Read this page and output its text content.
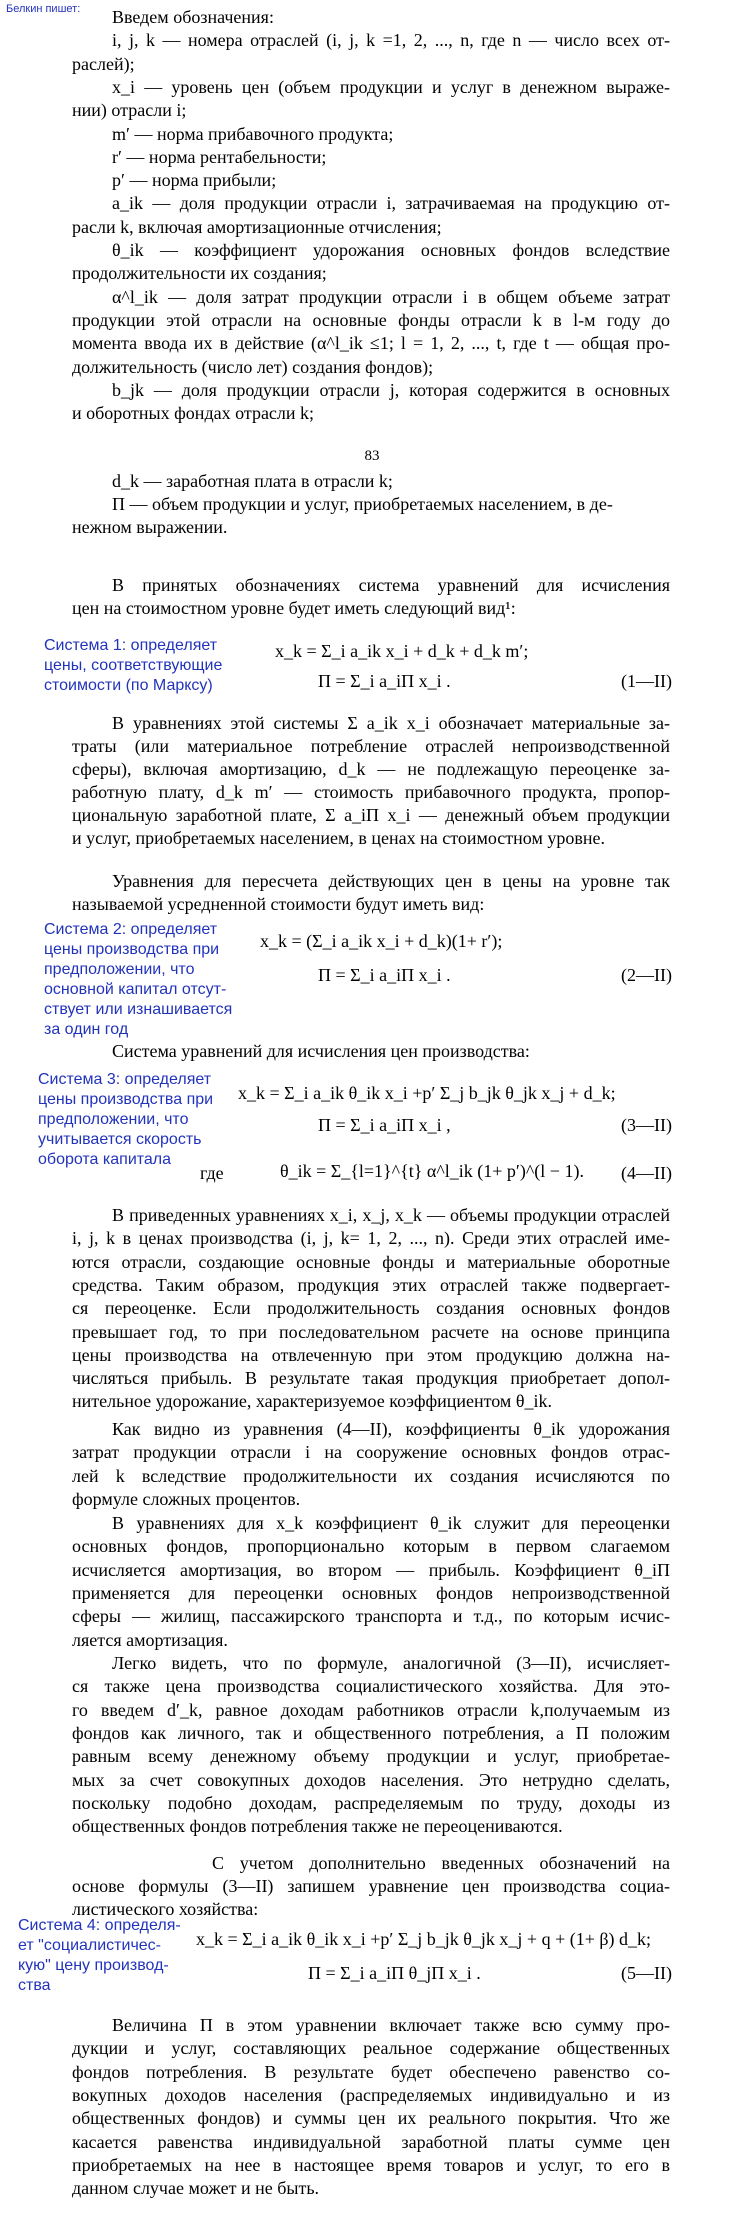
Белкин пишет: Введем обозначения:
i, j, k — номера отраслей (i, j, k =1, 2, ..., n, где n — число всех от-
раслей);
x_i — уровень цен (объем продукции и услуг в денежном выраже-
нии) отрасли i;
m′ — норма прибавочного продукта;
r′ — норма рентабельности;
p′ — норма прибыли;
a_ik — доля продукции отрасли i, затрачиваемая на продукцию от-
расли k, включая амортизационные отчисления;
θ_ik — коэффициент удорожания основных фондов вследствие
продолжительности их создания;
α^l_ik — доля затрат продукции отрасли i в общем объеме затрат
продукции этой отрасли на основные фонды отрасли k в l-м году до
момента ввода их в действие (α^l_ik ≤1; l = 1, 2, ..., t, где t — общая про-
должительность (число лет) создания фондов);
b_jk — доля продукции отрасли j, которая содержится в основных
и оборотных фондах отрасли k;
83
d_k — заработная плата в отрасли k;
П — объем продукции и услуг, приобретаемых населением, в де-
нежном выражении.
В принятых обозначениях система уравнений для исчисления
цен на стоимостном уровне будет иметь следующий вид¹:
Система 1: определяет
цены, соответствующие
стоимости (по Марксу)
x_k = Σ_i a_ik x_i + d_k + d_k m′;
П = Σ_i a_iП x_i .	(1—II)
В уравнениях этой системы Σ a_ik x_i обозначает материальные за-
траты (или материальное потребление отраслей непроизводственной
сферы), включая амортизацию, d_k — не подлежащую переоценке за-
работную плату, d_k m′ — стоимость прибавочного продукта, пропор-
циональную заработной плате, Σ a_iП x_i — денежный объем продукции
и услуг, приобретаемых населением, в ценах на стоимостном уровне.
Уравнения для пересчета действующих цен в цены на уровне так
называемой усредненной стоимости будут иметь вид:
Система 2: определяет
цены производства при
предположении, что
основной капитал отсут-
ствует или изнашивается
за один год
x_k = (Σ_i a_ik x_i + d_k)(1+ r′);
П = Σ_i a_iП x_i .	(2—II)
Система уравнений для исчисления цен производства:
Система 3: определяет
цены производства при
предположении, что
учитывается скорость
оборота капитала
x_k = Σ_i a_ik θ_ik x_i +p′ Σ_j b_jk θ_jk x_j + d_k;
П = Σ_i a_iП x_i ,	(3—II)
где	θ_ik = Σ_{l=1}^{t} α^l_ik (1+ p′)^(l − 1). (4—II)
В приведенных уравнениях x_i, x_j, x_k — объемы продукции отраслей
i, j, k в ценах производства (i, j, k= 1, 2, ..., n). Среди этих отраслей име-
ются отрасли, создающие основные фонды и материальные оборотные
средства. Таким образом, продукция этих отраслей также подвергает-
ся переоценке. Если продолжительность создания основных фондов
превышает год, то при последовательном расчете на основе принципа
цены производства на отвлеченную при этом продукцию должна на-
числяться прибыль. В результате такая продукция приобретает допол-
нительное удорожание, характеризуемое коэффициентом θ_ik.
Как видно из уравнения (4—II), коэффициенты θ_ik удорожания
затрат продукции отрасли i на сооружение основных фондов отрас-
лей k вследствие продолжительности их создания исчисляются по
формуле сложных процентов.
В уравнениях для x_k коэффициент θ_ik служит для переоценки
основных фондов, пропорционально которым в первом слагаемом
исчисляется амортизация, во втором — прибыль. Коэффициент θ_iП
применяется для переоценки основных фондов непроизводственной
сферы — жилищ, пассажирского транспорта и т.д., по которым исчис-
ляется амортизация.
Легко видеть, что по формуле, аналогичной (3—II), исчисляет-
ся также цена производства социалистического хозяйства. Для это-
го введем d′_k, равное доходам работников отрасли k,получаемым из
фондов как личного, так и общественного потребления, а П положим
равным всему денежному объему продукции и услуг, приобретае-
мых за счет совокупных доходов населения. Это нетрудно сделать,
поскольку подобно доходам, распределяемым по труду, доходы из
общественных фондов потребления также не переоцениваются.
С учетом дополнительно введенных обозначений на
основе формулы (3—II) запишем уравнение цен производства социа-
листического хозяйства:
Система 4: определя-
ет "социалистичес-
кую" цену производ-
ства
x_k = Σ_i a_ik θ_ik x_i +p′ Σ_j b_jk θ_jk x_j + q + (1+ β) d_k;
П = Σ_i a_iП θ_jП x_i .	(5—II)
Величина П в этом уравнении включает также всю сумму про-
дукции и услуг, составляющих реальное содержание общественных
фондов потребления. В результате будет обеспечено равенство со-
вокупных доходов населения (распределяемых индивидуально и из
общественных фондов) и суммы цен их реального покрытия. Что же
касается равенства индивидуальной заработной платы сумме цен
приобретаемых на нее в настоящее время товаров и услуг, то его в
данном случае может и не быть.
